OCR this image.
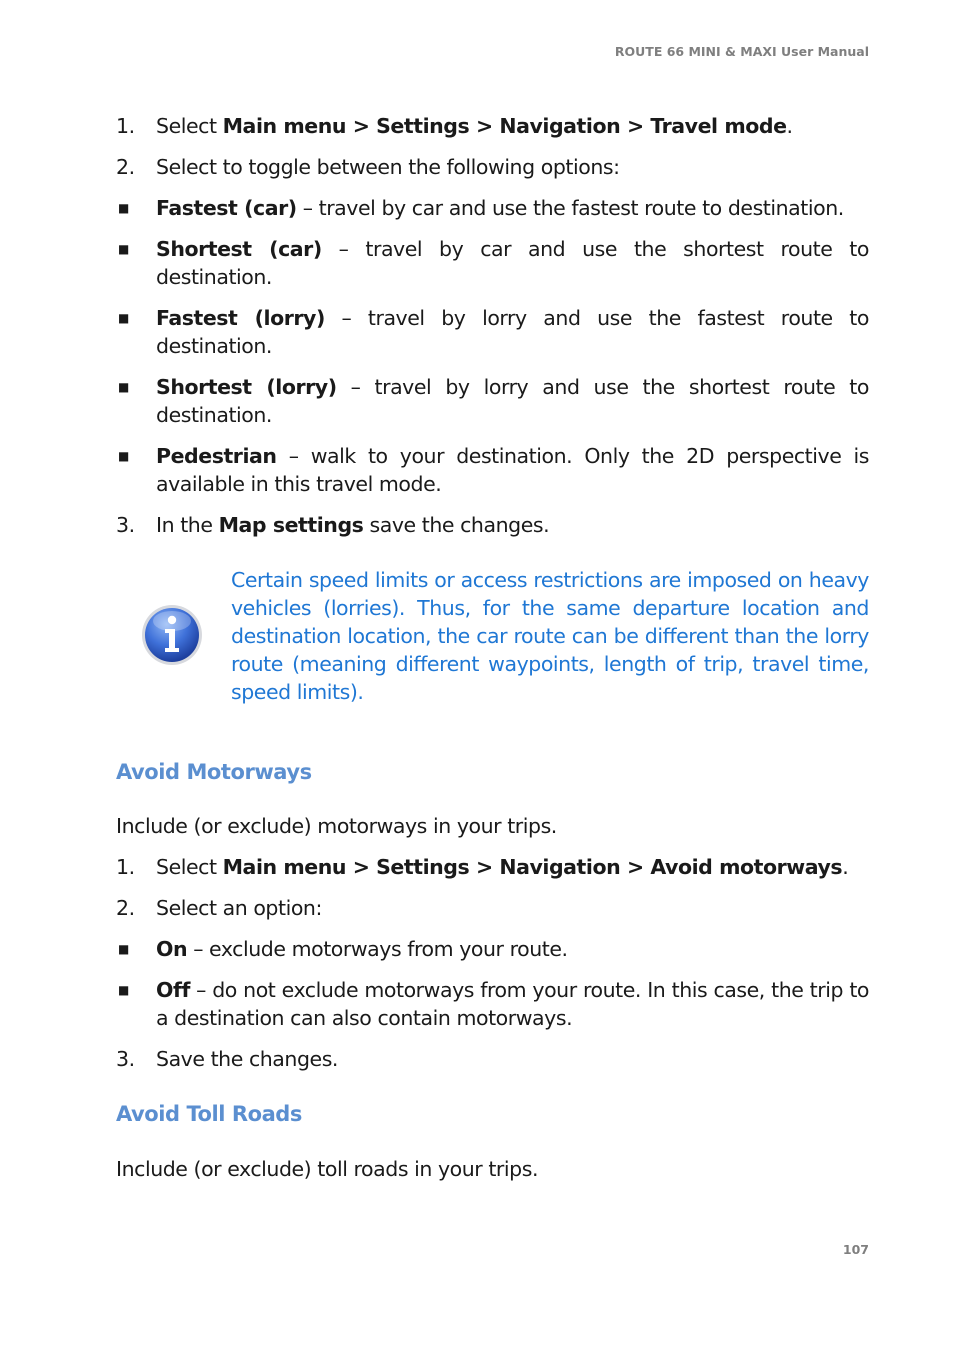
ROUTE 66 MINI & MAXI User Manual
1. Select Main menu > Settings > Navigation > Travel mode.
2. Select to toggle between the following options:
■ Fastest (car) – travel by car and use the fastest route to destination.
■ Shortest (car) – travel by car and use the shortest route to destination.
■ Fastest (lorry) – travel by lorry and use the fastest route to destination.
■ Shortest (lorry) – travel by lorry and use the shortest route to destination.
■ Pedestrian – walk to your destination. Only the 2D perspective is available in this travel mode.
3. In the Map settings save the changes.
Certain speed limits or access restrictions are imposed on heavy vehicles (lorries). Thus, for the same departure location and destination location, the car route can be different than the lorry route (meaning different waypoints, length of trip, travel time, speed limits).
Avoid Motorways
Include (or exclude) motorways in your trips.
1. Select Main menu > Settings > Navigation > Avoid motorways.
2. Select an option:
■ On – exclude motorways from your route.
■ Off – do not exclude motorways from your route. In this case, the trip to a destination can also contain motorways.
3. Save the changes.
Avoid Toll Roads
Include (or exclude) toll roads in your trips.
107
